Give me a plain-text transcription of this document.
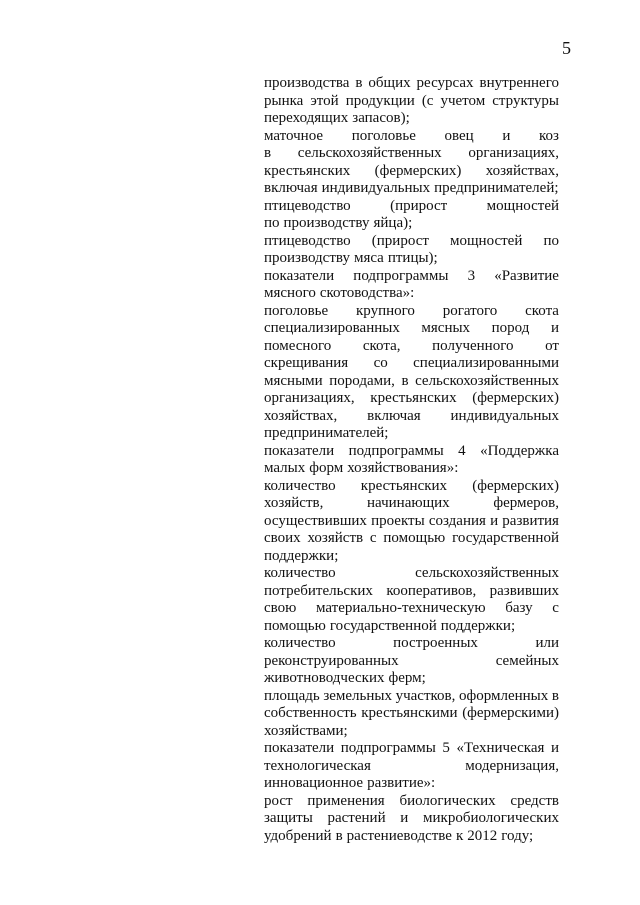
5
производства в общих ресурсах внутреннего
рынка этой продукции (с учетом структуры
переходящих запасов);
маточное поголовье овец и коз
в сельскохозяйственных организациях,
крестьянских (фермерских) хозяйствах,
включая индивидуальных предпринимателей;
птицеводство	(прирост	мощностей
по производству яйца);
птицеводство (прирост мощностей по
производству мяса птицы);
показатели подпрограммы 3 «Развитие
мясного скотоводства»:
поголовье крупного рогатого скота
специализированных мясных пород и
помесного скота, полученного от
скрещивания со специализированными
мясными породами, в сельскохозяйственных
организациях, крестьянских (фермерских)
хозяйствах, включая индивидуальных
предпринимателей;
показатели подпрограммы 4 «Поддержка
малых форм хозяйствования»:
количество крестьянских (фермерских)
хозяйств,	начинающих	фермеров,
осуществивших проекты создания и развития
своих хозяйств с помощью государственной
поддержки;
количество	сельскохозяйственных
потребительских кооперативов, развивших
свою материально-техническую базу с
помощью государственной поддержки;
количество	построенных	или
реконструированных	семейных
животноводческих ферм;
площадь земельных участков, оформленных в
собственность крестьянскими (фермерскими)
хозяйствами;
показатели подпрограммы 5 «Техническая и
технологическая	модернизация,
инновационное развитие»:
рост применения биологических средств
защиты растений и микробиологических
удобрений в растениеводстве к 2012 году;
